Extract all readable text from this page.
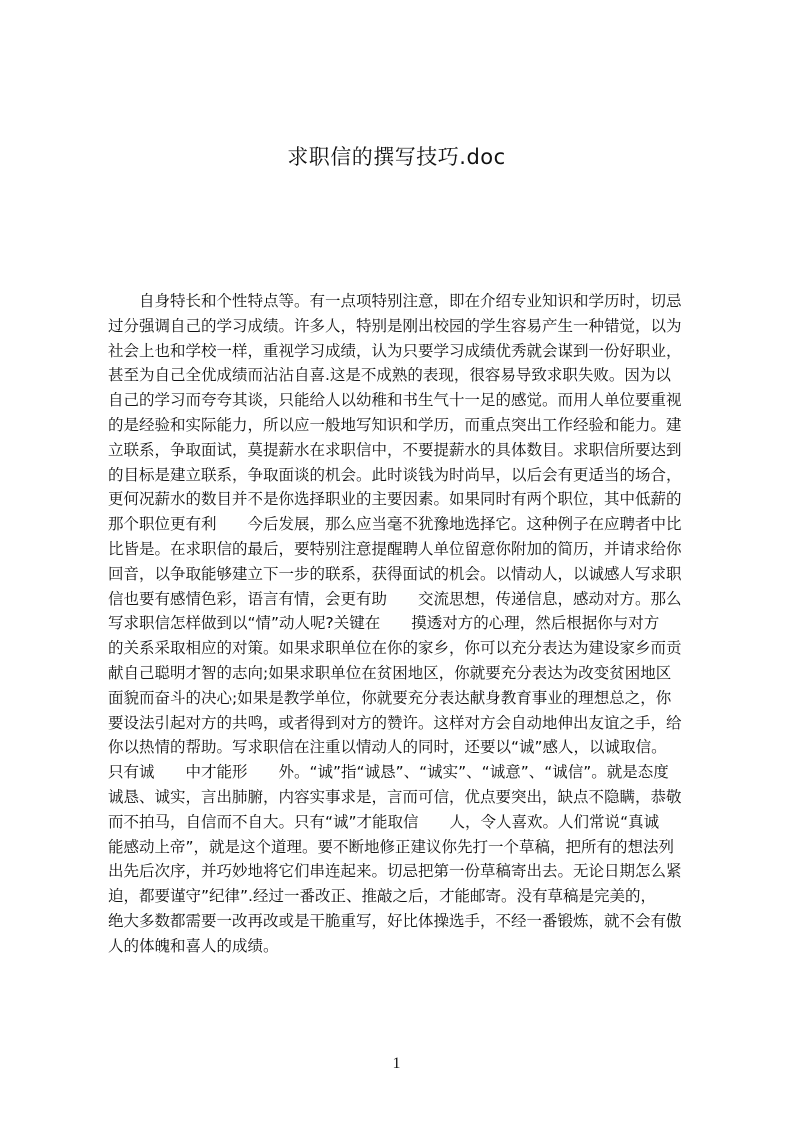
求职信的撰写技巧.doc
　　自身特长和个性特点等。有一点项特别注意，即在介绍专业知识和学历时，切忌
过分强调自己的学习成绩。许多人，特别是刚出校园的学生容易产生一种错觉，以为
社会上也和学校一样，重视学习成绩，认为只要学习成绩优秀就会谋到一份好职业，
甚至为自己全优成绩而沾沾自喜.这是不成熟的表现，很容易导致求职失败。因为以
自己的学习而夸夸其谈，只能给人以幼稚和书生气十一足的感觉。而用人单位要重视
的是经验和实际能力，所以应一般地写知识和学历，而重点突出工作经验和能力。建
立联系，争取面试，莫提薪水在求职信中，不要提薪水的具体数目。求职信所要达到
的目标是建立联系，争取面谈的机会。此时谈钱为时尚早，以后会有更适当的场合，
更何况薪水的数目并不是你选择职业的主要因素。如果同时有两个职位，其中低薪的
那个职位更有利　　今后发展，那么应当毫不犹豫地选择它。这种例子在应聘者中比
比皆是。在求职信的最后，要特别注意提醒聘人单位留意你附加的简历，并请求给你
回音，以争取能够建立下一步的联系，获得面试的机会。以情动人，以诚感人写求职
信也要有感情色彩，语言有情，会更有助　　交流思想，传递信息，感动对方。那么
写求职信怎样做到以“情”动人呢?关键在　　摸透对方的心理，然后根据你与对方
的关系采取相应的对策。如果求职单位在你的家乡，你可以充分表达为建设家乡而贡
献自己聪明才智的志向;如果求职单位在贫困地区，你就要充分表达为改变贫困地区
面貌而奋斗的决心;如果是教学单位，你就要充分表达献身教育事业的理想总之，你
要设法引起对方的共鸣，或者得到对方的赞许。这样对方会自动地伸出友谊之手，给
你以热情的帮助。写求职信在注重以情动人的同时，还要以“诚”感人，以诚取信。
只有诚　　中才能形　　外。“诚”指“诚恳”、“诚实”、“诚意”、“诚信”。就是态度
诚恳、诚实，言出肺腑，内容实事求是，言而可信，优点要突出，缺点不隐瞒，恭敬
而不拍马，自信而不自大。只有“诚”才能取信　　人，令人喜欢。人们常说“真诚
能感动上帝”，就是这个道理。要不断地修正建议你先打一个草稿，把所有的想法列
出先后次序，并巧妙地将它们串连起来。切忌把第一份草稿寄出去。无论日期怎么紧
迫，都要谨守”纪律”.经过一番改正、推敲之后，才能邮寄。没有草稿是完美的，
绝大多数都需要一改再改或是干脆重写，好比体操选手，不经一番锻炼，就不会有傲
人的体魄和喜人的成绩。
1
